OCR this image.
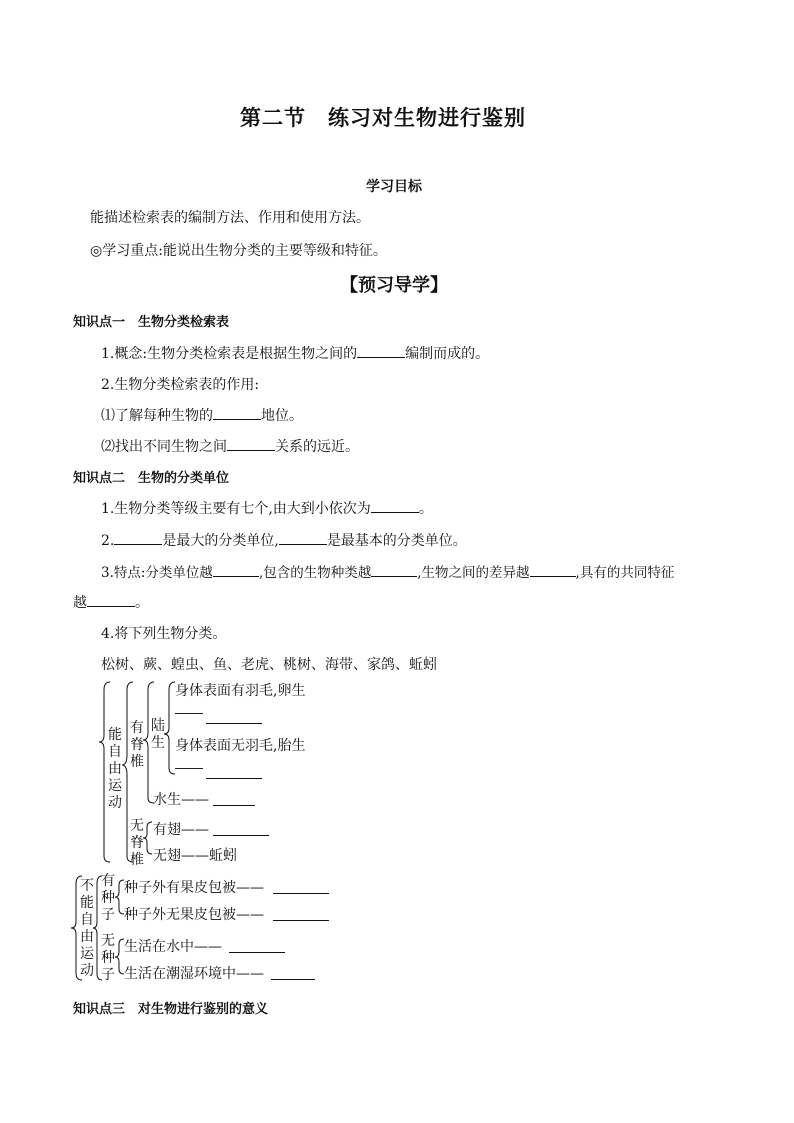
第二节　练习对生物进行鉴别
学习目标
能描述检索表的编制方法、作用和使用方法。
◎学习重点:能说出生物分类的主要等级和特征。
【预习导学】
知识点一　生物分类检索表
1.概念:生物分类检索表是根据生物之间的	编制而成的。
2.生物分类检索表的作用:
⑴了解每种生物的	地位。
⑵找出不同生物之间	关系的远近。
知识点二　生物的分类单位
1.生物分类等级主要有七个,由大到小依次为	。
2.	是最大的分类单位,	是最基本的分类单位。
3.特点:分类单位越	,包含的生物种类越	,生物之间的差异越	,具有的共同特征
越	。
4.将下列生物分类。
松树、蕨、蝗虫、鱼、老虎、桃树、海带、家鸽、蚯蚓
能自由运动
有脊椎
陆生
无脊椎
不能自由运动
有种子
无种子
身体表面有羽毛,卵生
身体表面无羽毛,胎生
水生——
有翅——
无翅——蚯蚓
种子外有果皮包被——
种子外无果皮包被——
生活在水中——
生活在潮湿环境中——
知识点三　对生物进行鉴别的意义
